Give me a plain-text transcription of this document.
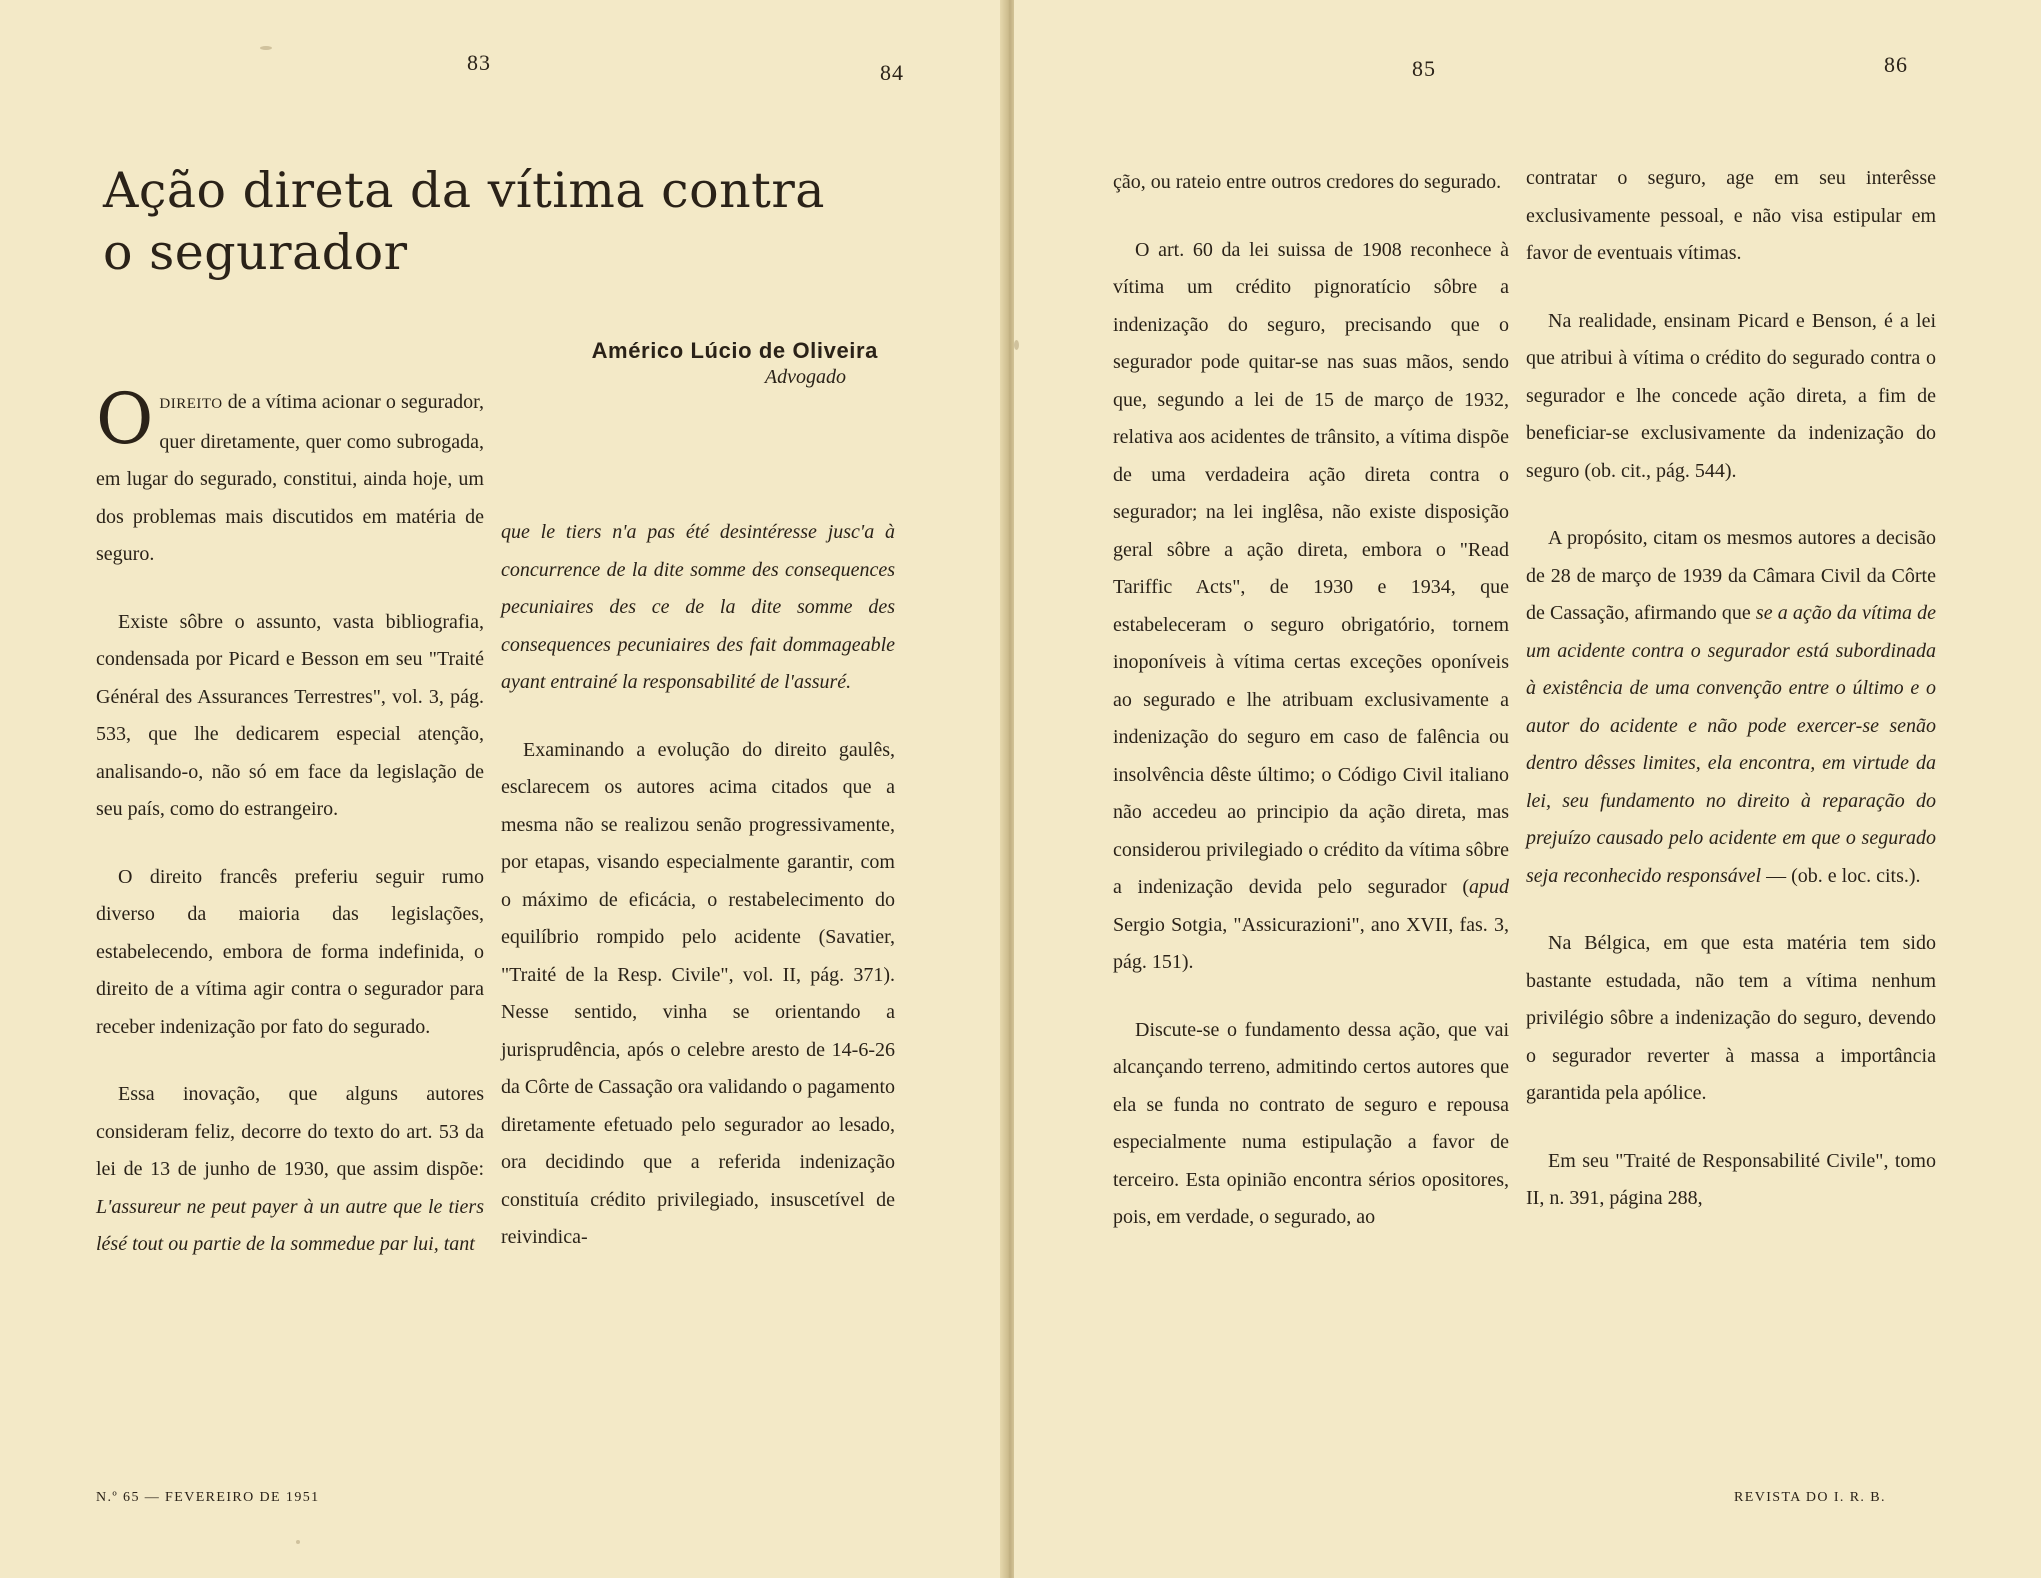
83	84
Ação direta da vítima contra
o segurador
Américo Lúcio de Oliveira
Advogado

ODIREITO de a vítima acionar o segurador, quer diretamente, quer como subrogada, em lugar do segurado, constitui, ainda hoje, um dos problemas mais discutidos em matéria de seguro.

Existe sôbre o assunto, vasta bibliografia, condensada por Picard e Besson em seu "Traité Général des Assurances Terrestres", vol. 3, pág. 533, que lhe dedicarem especial atenção, analisando-o, não só em face da legislação de seu país, como do estrangeiro.

O direito francês preferiu seguir rumo diverso da maioria das legislações, estabelecendo, embora de forma indefinida, o direito de a vítima agir contra o segurador para receber indenização por fato do segurado.

Essa inovação, que alguns autores consideram feliz, decorre do texto do art. 53 da lei de 13 de junho de 1930, que assim dispõe: L'assureur ne peut payer à un autre que le tiers lésé tout ou partie de la sommedue par lui, tant

que le tiers n'a pas été desintéresse jusc'a à concurrence de la dite somme des consequences pecuniaires des ce de la dite somme des consequences pecuniaires des fait dommageable ayant entrainé la responsabilité de l'assuré.

Examinando a evolução do direito gaulês, esclarecem os autores acima citados que a mesma não se realizou senão progressivamente, por etapas, visando especialmente garantir, com o máximo de eficácia, o restabelecimento do equilíbrio rompido pelo acidente (Savatier, "Traité de la Resp. Civile", vol. II, pág. 371). Nesse sentido, vinha se orientando a jurisprudência, após o celebre aresto de 14-6-26 da Côrte de Cassação ora validando o pagamento diretamente efetuado pelo segurador ao lesado, ora decidindo que a referida indenização constituía crédito privilegiado, insuscetível de reivindica-

N.º 65 — FEVEREIRO DE 1951
85	86

ção, ou rateio entre outros credores do segurado.

O art. 60 da lei suissa de 1908 reconhece à vítima um crédito pignoratício sôbre a indenização do seguro, precisando que o segurador pode quitar-se nas suas mãos, sendo que, segundo a lei de 15 de março de 1932, relativa aos acidentes de trânsito, a vítima dispõe de uma verdadeira ação direta contra o segurador; na lei inglêsa, não existe disposição geral sôbre a ação direta, embora o "Read Tariffic Acts", de 1930 e 1934, que estabeleceram o seguro obrigatório, tornem inoponíveis à vítima certas exceções oponíveis ao segurado e lhe atribuam exclusivamente a indenização do seguro em caso de falência ou insolvência dêste último; o Código Civil italiano não accedeu ao principio da ação direta, mas considerou privilegiado o crédito da vítima sôbre a indenização devida pelo segurador (apud Sergio Sotgia, "Assicurazioni", ano XVII, fas. 3, pág. 151).

Discute-se o fundamento dessa ação, que vai alcançando terreno, admitindo certos autores que ela se funda no contrato de seguro e repousa especialmente numa estipulação a favor de terceiro. Esta opinião encontra sérios opositores, pois, em verdade, o segurado, ao

contratar o seguro, age em seu interêsse exclusivamente pessoal, e não visa estipular em favor de eventuais vítimas.

Na realidade, ensinam Picard e Benson, é a lei que atribui à vítima o crédito do segurado contra o segurador e lhe concede ação direta, a fim de beneficiar-se exclusivamente da indenização do seguro (ob. cit., pág. 544).

A propósito, citam os mesmos autores a decisão de 28 de março de 1939 da Câmara Civil da Côrte de Cassação, afirmando que se a ação da vítima de um acidente contra o segurador está subordinada à existência de uma convenção entre o último e o autor do acidente e não pode exercer-se senão dentro dêsses limites, ela encontra, em virtude da lei, seu fundamento no direito à reparação do prejuízo causado pelo acidente em que o segurado seja reconhecido responsável — (ob. e loc. cits.).

Na Bélgica, em que esta matéria tem sido bastante estudada, não tem a vítima nenhum privilégio sôbre a indenização do seguro, devendo o segurador reverter à massa a importância garantida pela apólice.

Em seu "Traité de Responsabilité Civile", tomo II, n. 391, página 288,

REVISTA DO I. R. B.
